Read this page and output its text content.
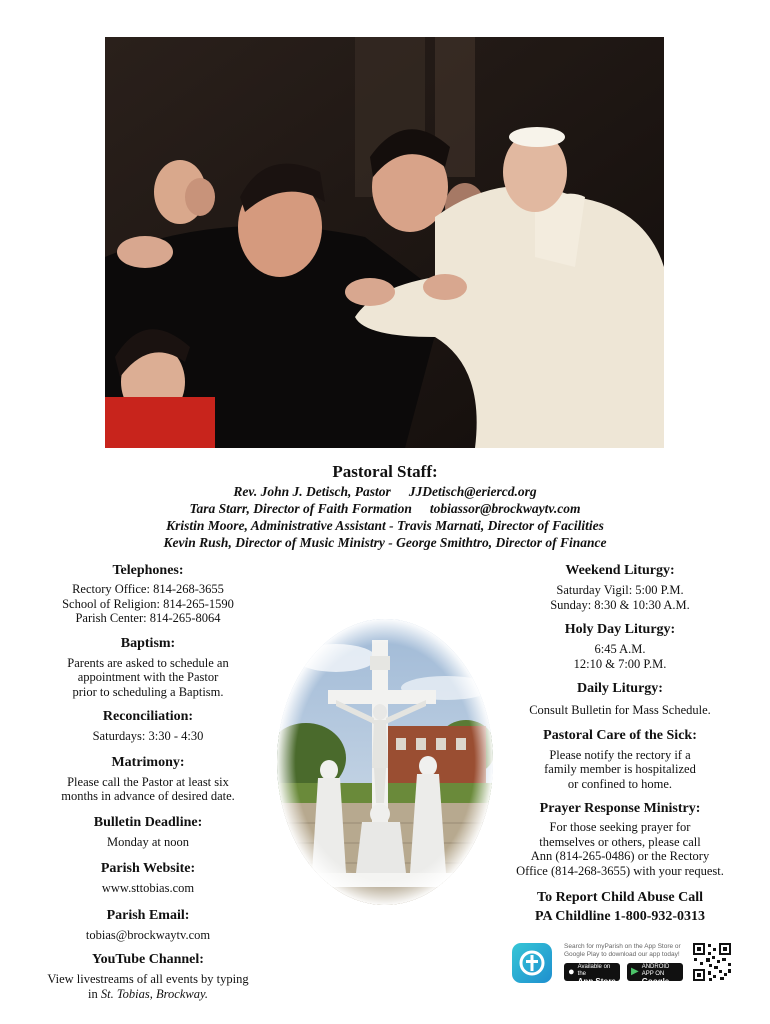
Pastoral Staff:
Rev. John J. Detisch, Pastor JJDetisch@eriercd.org
Tara Starr, Director of Faith Formation tobiassor@brockwaytv.com
Kristin Moore, Administrative Assistant - Travis Marnati, Director of Facilities
Kevin Rush, Director of Music Ministry - George Smithtro, Director of Finance

Telephones:

Rectory Office: 814-268-3655
School of Religion: 814-265-1590
Parish Center: 814-265-8064

Baptism:

Parents are asked to schedule an
appointment with the Pastor
prior to scheduling a Baptism.

Reconciliation:

Saturdays: 3:30 - 4:30

Matrimony:

Please call the Pastor at least six
months in advance of desired date.

Bulletin Deadline:

Monday at noon

Parish Website:

www.sttobias.com

Parish Email:

tobias@brockwaytv.com

YouTube Channel:

View livestreams of all events by typing
in St. Tobias, Brockway.

Weekend Liturgy:

Saturday Vigil: 5:00 P.M.
Sunday: 8:30 & 10:30 A.M.

Holy Day Liturgy:

6:45 A.M.
12:10 & 7:00 P.M.

Daily Liturgy:

Consult Bulletin for Mass Schedule.

Pastoral Care of the Sick:

Please notify the rectory if a
family member is hospitalized
or confined to home.

Prayer Response Ministry:

For those seeking prayer for
themselves or others, please call
Ann (814-265-0486) or the Rectory
Office (814-268-3655) with your request.

To Report Child Abuse Call

PA Childline 1-800-932-0313

Search for myParish on the App Store or
Google Play to download our app today!
● Available on the
App Store
▶ ANDROID APP ON
Google play
